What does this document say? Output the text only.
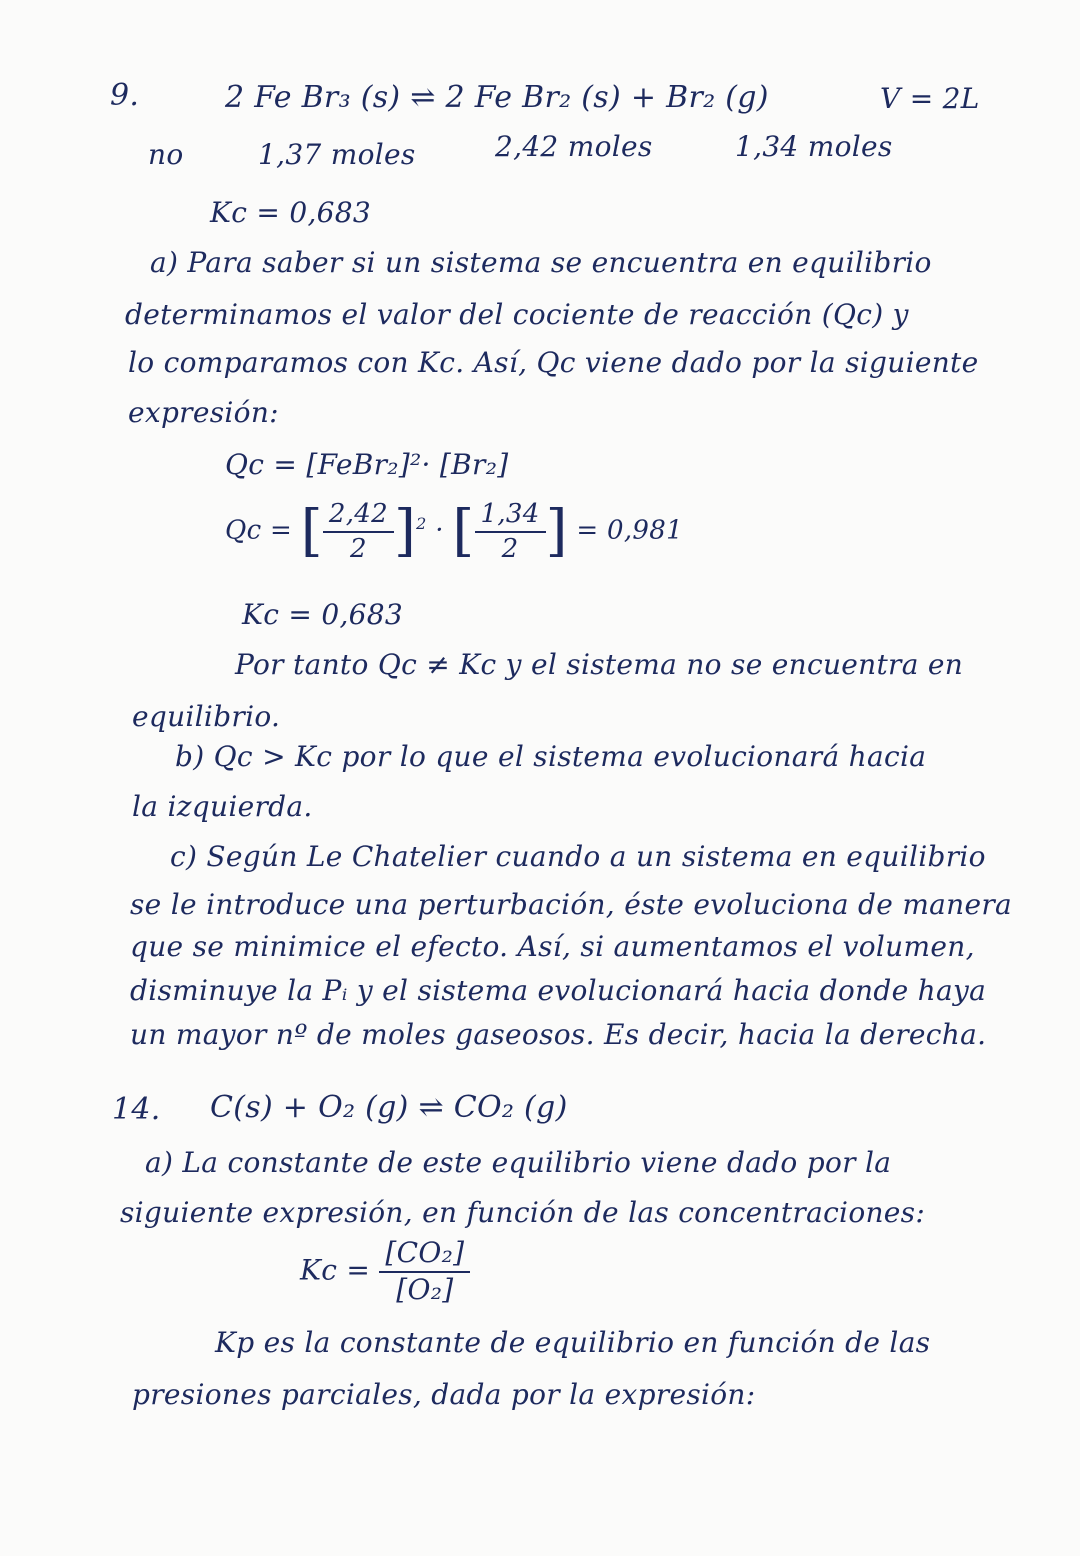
9.	2 Fe Br₃ (s) ⇌ 2 Fe Br₂ (s) + Br₂ (g)	V = 2L
no	1,37 moles	2,42 moles	1,34 moles
Kc = 0,683
a) Para saber si un sistema se encuentra en equilibrio
determinamos el valor del cociente de reacción (Qc) y
lo comparamos con Kc. Así, Qc viene dado por la siguiente
expresión:
Qc = [FeBr₂]²· [Br₂]
Qc = [ $\frac{2,42}{2} ]^2$ · [ $\frac{1,34}{2}$ ] = 0,981
Kc = 0,683
Por tanto Qc ≠ Kc y el sistema no se encuentra en
equilibrio.
b) Qc > Kc por lo que el sistema evolucionará hacia
la izquierda.
c) Según Le Chatelier cuando a un sistema en equilibrio
se le introduce una perturbación, éste evoluciona de manera
que se minimice el efecto. Así, si aumentamos el volumen,
disminuye la Pᵢ y el sistema evolucionará hacia donde haya
un mayor nº de moles gaseosos. Es decir, hacia la derecha.
14. C(s) + O₂ (g) ⇌ CO₂ (g)
a) La constante de este equilibrio viene dado por la
siguiente expresión, en función de las concentraciones:
$Kc = \frac{\text{[CO₂]}}{\text{[O₂]}}$
Kp es la constante de equilibrio en función de las
presiones parciales, dada por la expresión:
